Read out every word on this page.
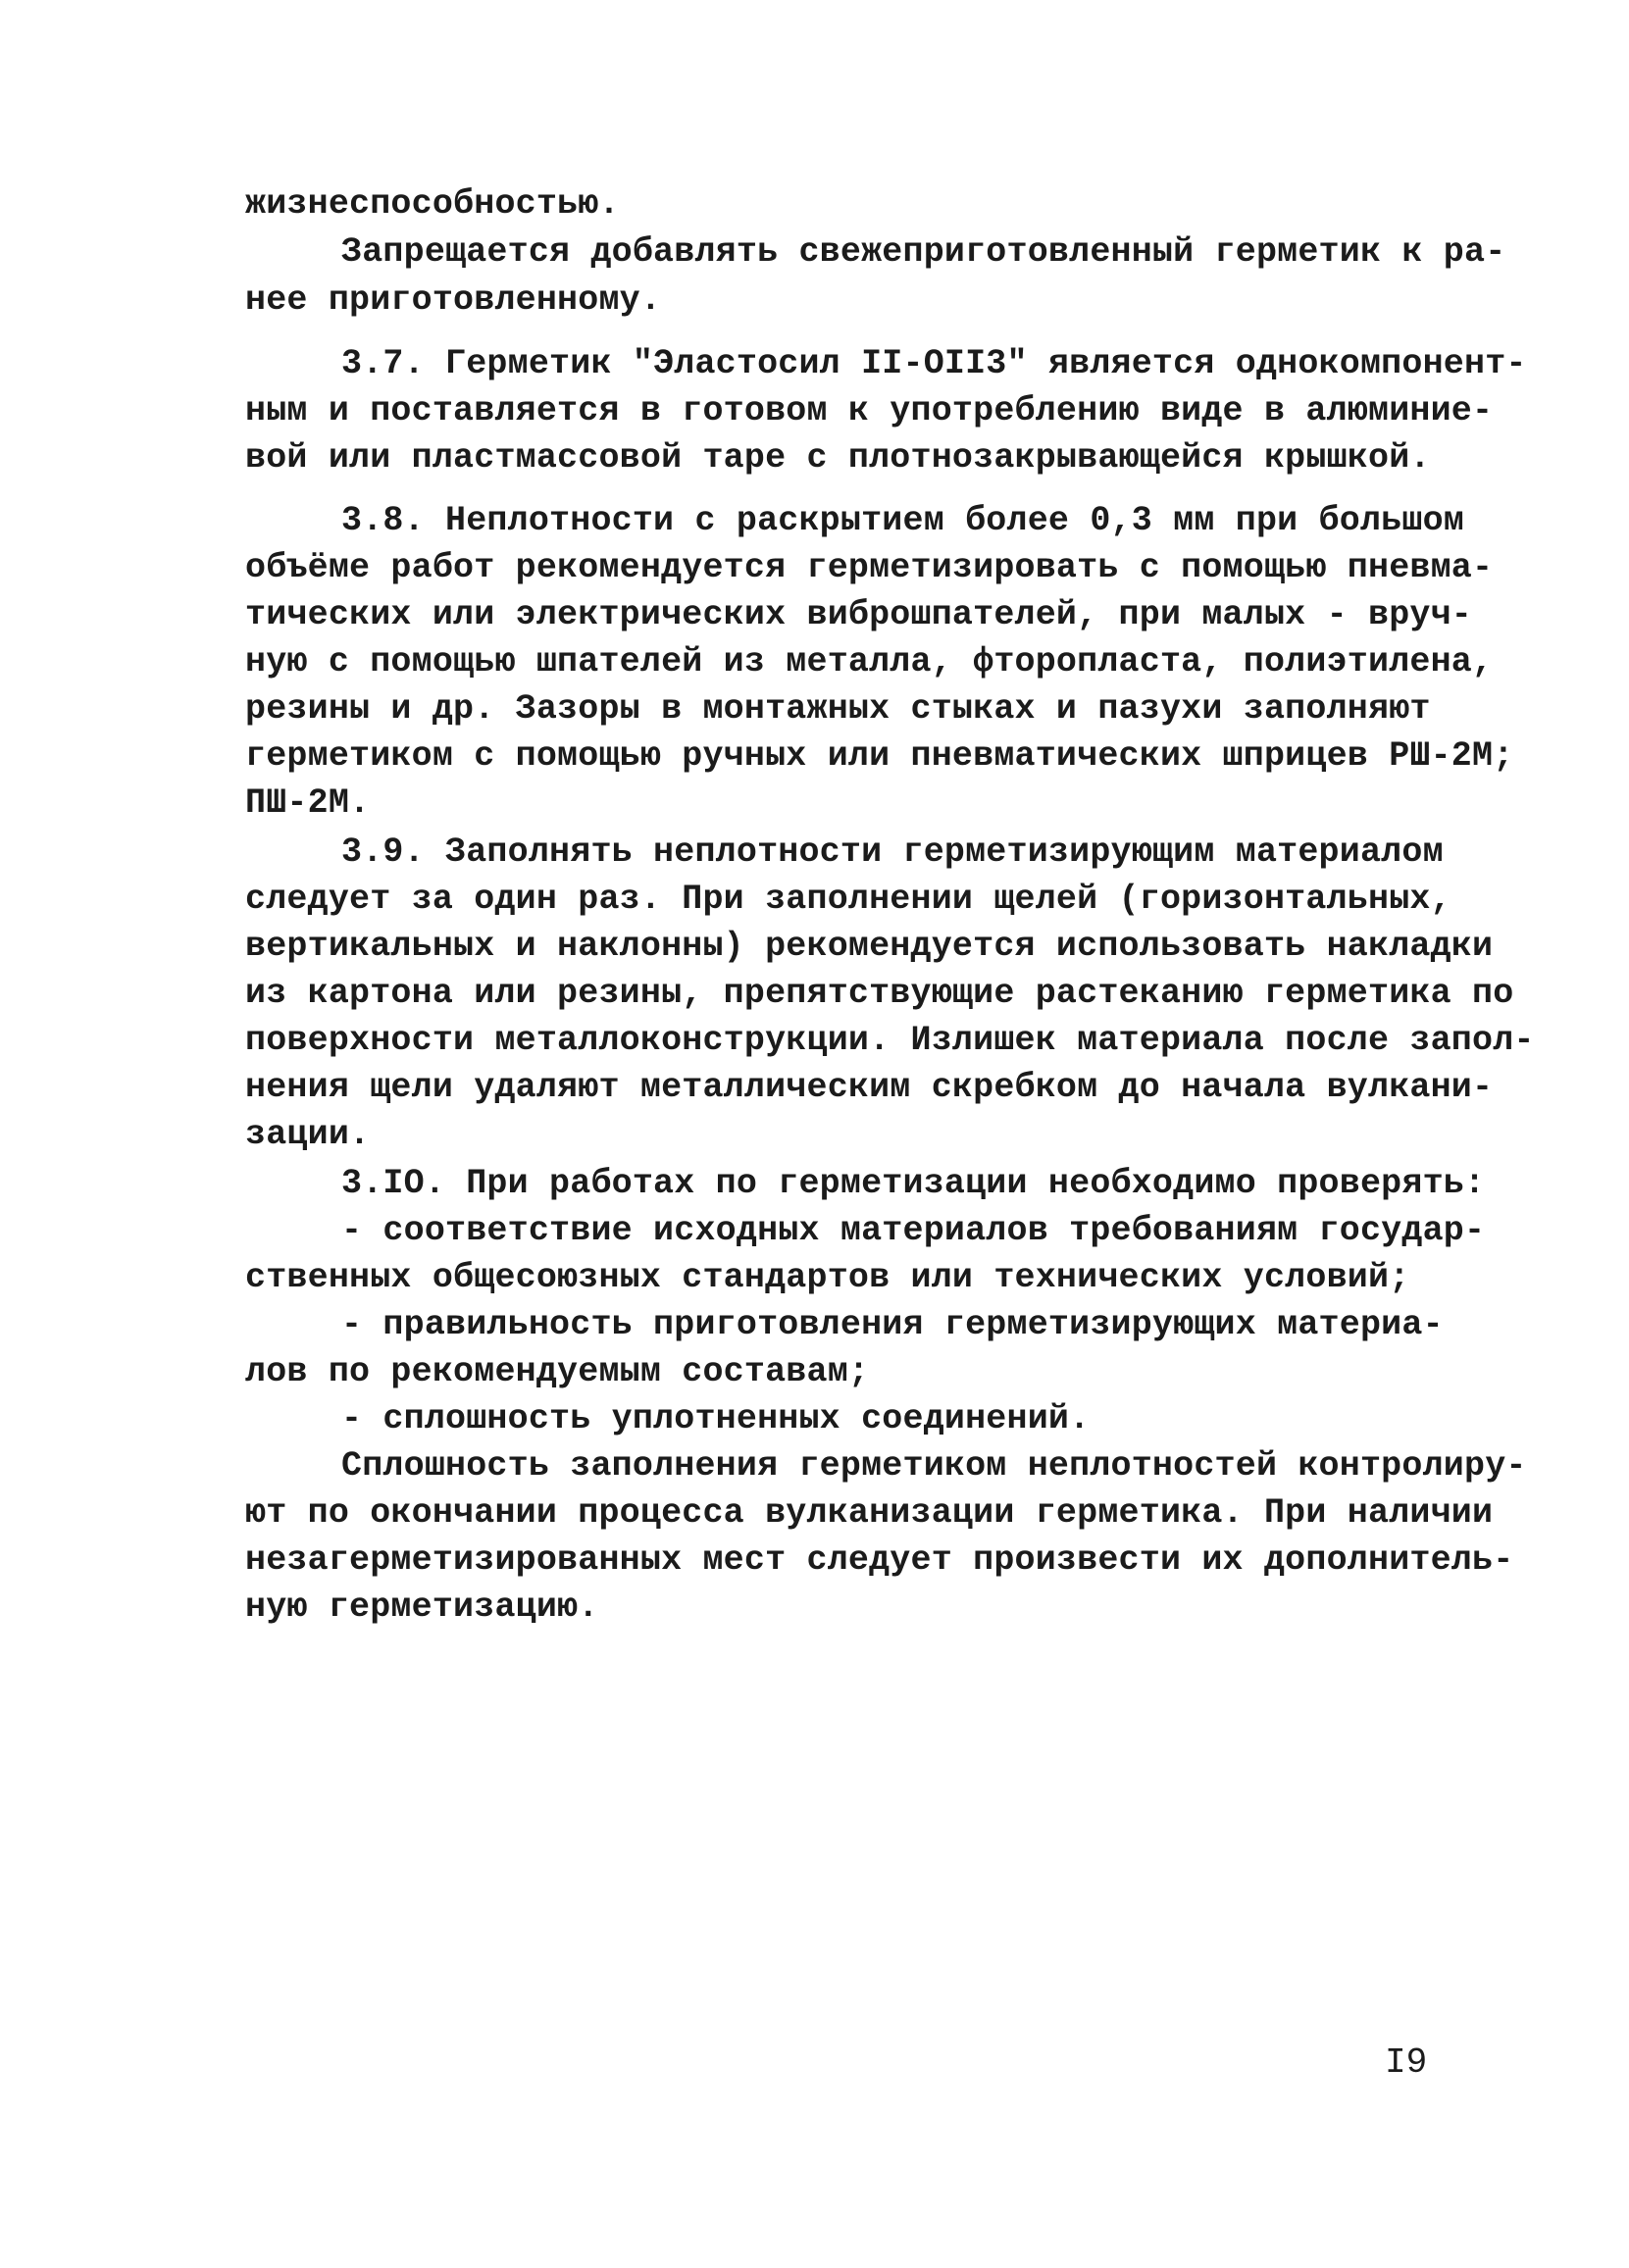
жизнеспособностью.
Запрещается добавлять свежеприготовленный герметик к ра-
нее приготовленному.
3.7. Герметик "Эластосил II-OII3" является однокомпонент-
ным и поставляется в готовом к употреблению виде в алюминие-
вой или пластмассовой таре с плотнозакрывающейся крышкой.
3.8. Неплотности с раскрытием более 0,3 мм при большом
объёме работ рекомендуется герметизировать с помощью пневма-
тических или электрических виброшпателей, при малых - вруч-
ную с помощью шпателей из металла, фторопласта, полиэтилена,
резины и др. Зазоры в монтажных стыках и пазухи заполняют
герметиком с помощью ручных или пневматических шприцев РШ-2М;
ПШ-2М.
3.9. Заполнять неплотности герметизирующим материалом
следует за один раз. При заполнении щелей (горизонтальных,
вертикальных и наклонны) рекомендуется использовать накладки
из картона или резины, препятствующие растеканию герметика по
поверхности металлоконструкции. Излишек материала после запол-
нения щели удаляют металлическим скребком до начала вулкани-
зации.
3.IO. При работах по герметизации необходимо проверять:
- соответствие исходных материалов требованиям государ-
ственных общесоюзных стандартов или технических условий;
- правильность приготовления герметизирующих материа-
лов по рекомендуемым составам;
- сплошность уплотненных соединений.
Сплошность заполнения герметиком неплотностей контролиру-
ют по окончании процесса вулканизации герметика. При наличии
незагерметизированных мест следует произвести их дополнитель-
ную герметизацию.
I9
